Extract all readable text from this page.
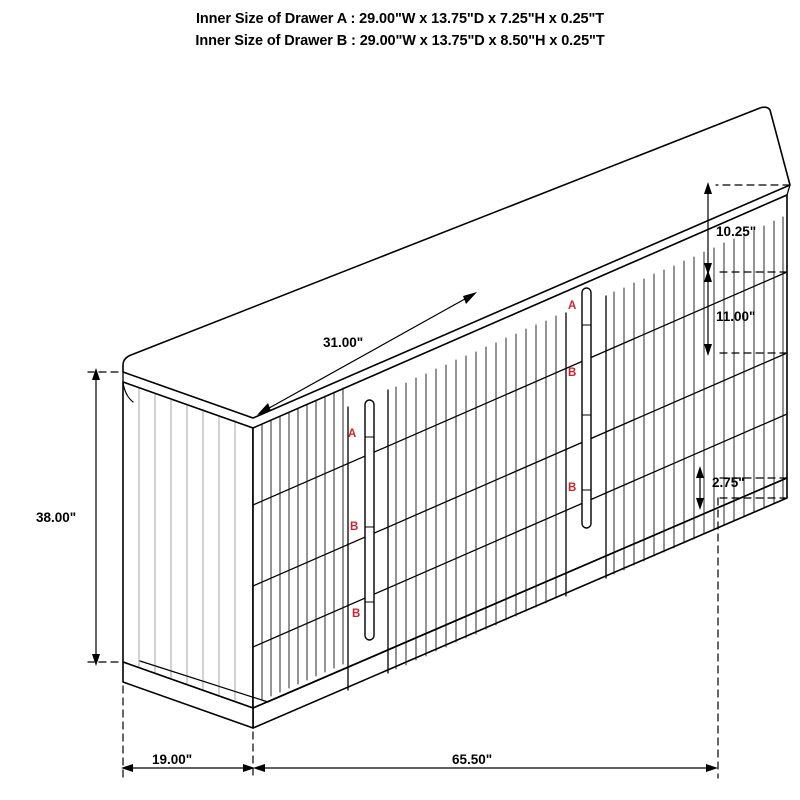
Inner Size of Drawer A : 29.00"W x 13.75"D x 7.25"H x 0.25"T
Inner Size of Drawer B : 29.00"W x 13.75"D x 8.50"H x 0.25"T
38.00"
31.00"
10.25"
11.00"
2.75"
19.00"	65.50"
A
B
B
A
B
B
